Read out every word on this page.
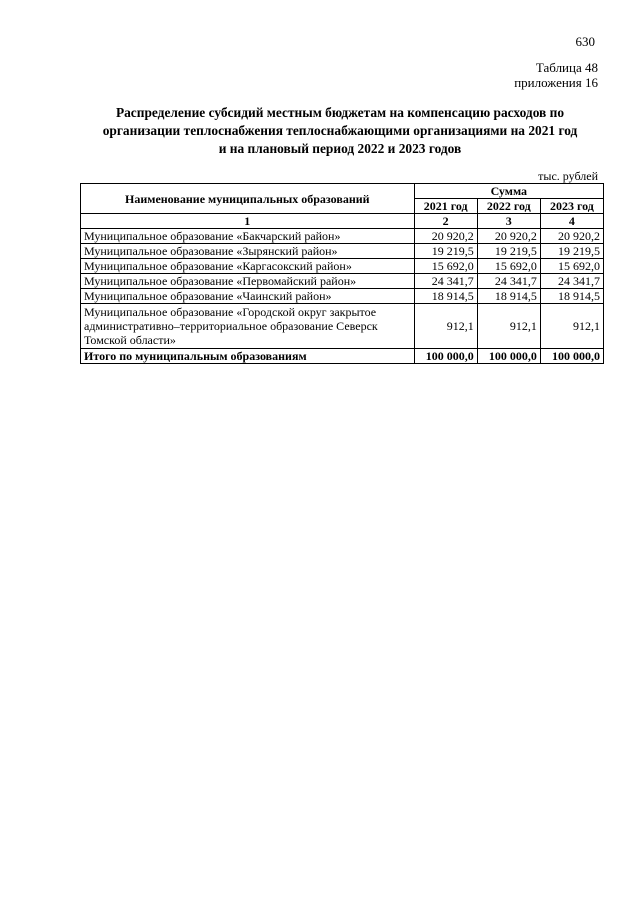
630
Таблица 48
приложения 16
Распределение субсидий местным бюджетам на компенсацию расходов по
организации теплоснабжения теплоснабжающими организациями на 2021 год
и на плановый период 2022 и 2023 годов
тыс. рублей
Наименование муниципальных образований	Сумма		
	2021 год	2022 год	2023 год
1	2	3	4
Муниципальное образование «Бакчарский район»	20 920,2	20 920,2	20 920,2
Муниципальное образование «Зырянский район»	19 219,5	19 219,5	19 219,5
Муниципальное образование «Каргасокский район»	15 692,0	15 692,0	15 692,0
Муниципальное образование «Первомайский район»	24 341,7	24 341,7	24 341,7
Муниципальное образование «Чаинский район»	18 914,5	18 914,5	18 914,5
Муниципальное образование «Городской округ закрытое административно–территориальное образование Северск Томской области»	912,1	912,1	912,1
Итого по муниципальным образованиям	100 000,0	100 000,0	100 000,0
